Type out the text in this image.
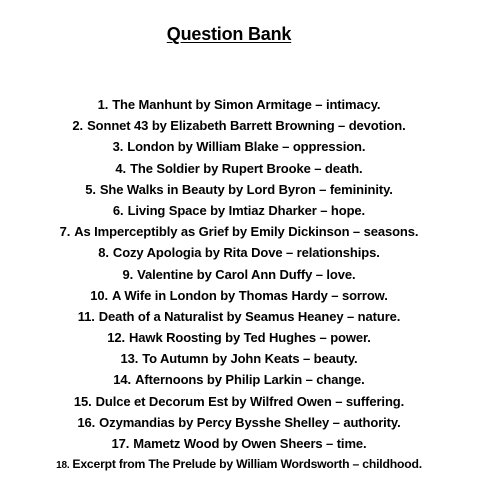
Question Bank
1. The Manhunt by Simon Armitage – intimacy.
2. Sonnet 43 by Elizabeth Barrett Browning – devotion.
3. London by William Blake – oppression.
4. The Soldier by Rupert Brooke – death.
5. She Walks in Beauty by Lord Byron – femininity.
6. Living Space by Imtiaz Dharker – hope.
7. As Imperceptibly as Grief by Emily Dickinson – seasons.
8. Cozy Apologia by Rita Dove – relationships.
9. Valentine by Carol Ann Duffy – love.
10. A Wife in London by Thomas Hardy – sorrow.
11. Death of a Naturalist by Seamus Heaney – nature.
12. Hawk Roosting by Ted Hughes – power.
13. To Autumn by John Keats – beauty.
14. Afternoons by Philip Larkin – change.
15. Dulce et Decorum Est by Wilfred Owen – suffering.
16. Ozymandias by Percy Bysshe Shelley – authority.
17. Mametz Wood by Owen Sheers – time.
18. Excerpt from The Prelude by William Wordsworth – childhood.
